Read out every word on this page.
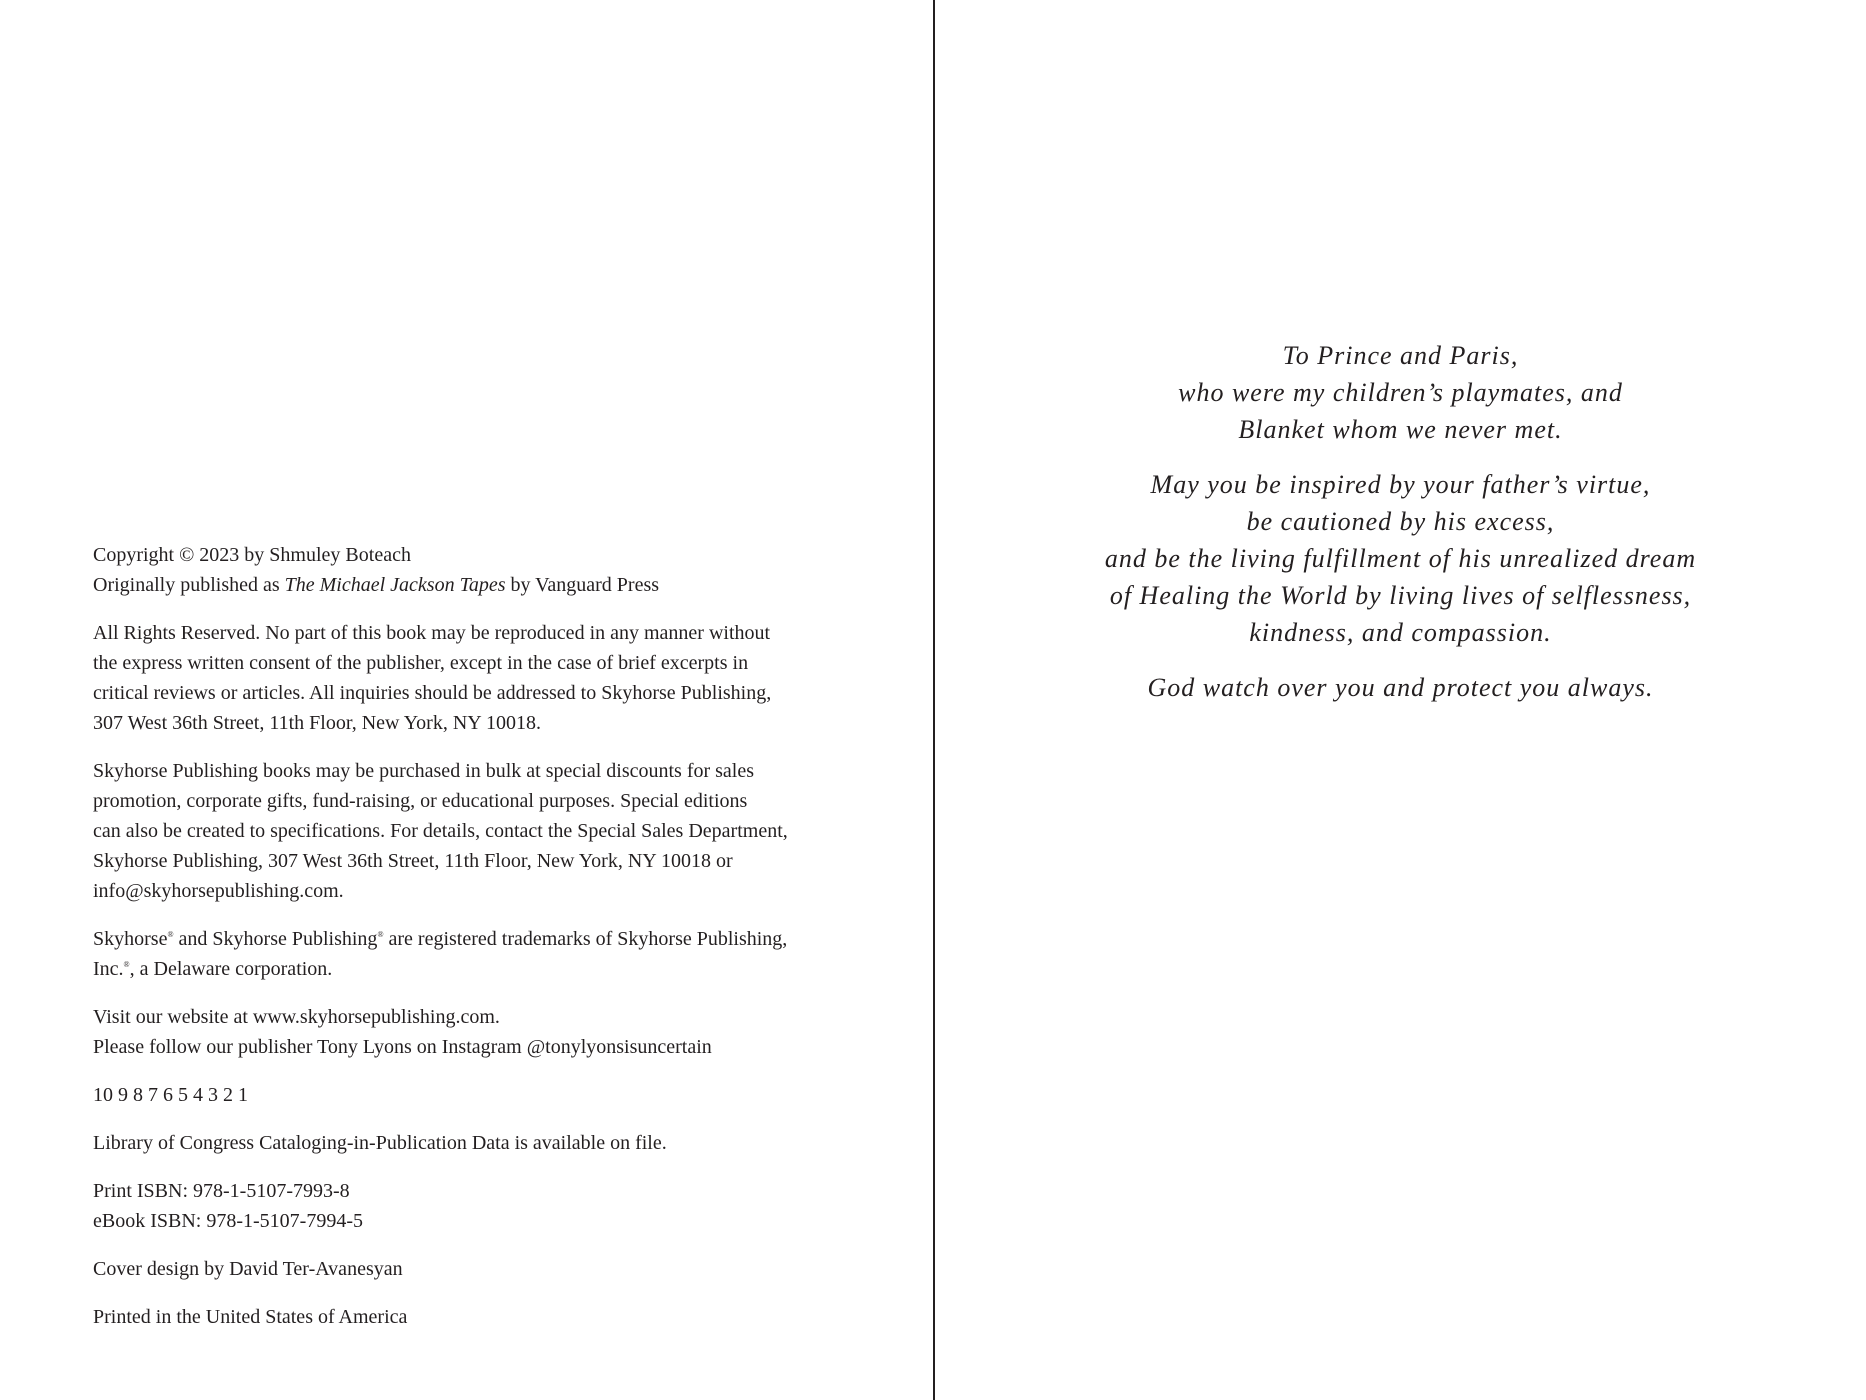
Copyright © 2023 by Shmuley Boteach
Originally published as The Michael Jackson Tapes by Vanguard Press

All Rights Reserved. No part of this book may be reproduced in any manner without
the express written consent of the publisher, except in the case of brief excerpts in
critical reviews or articles. All inquiries should be addressed to Skyhorse Publishing,
307 West 36th Street, 11th Floor, New York, NY 10018.

Skyhorse Publishing books may be purchased in bulk at special discounts for sales
promotion, corporate gifts, fund-raising, or educational purposes. Special editions
can also be created to specifications. For details, contact the Special Sales Department,
Skyhorse Publishing, 307 West 36th Street, 11th Floor, New York, NY 10018 or
info@skyhorsepublishing.com.

Skyhorse® and Skyhorse Publishing® are registered trademarks of Skyhorse Publishing,
Inc.®, a Delaware corporation.

Visit our website at www.skyhorsepublishing.com.
Please follow our publisher Tony Lyons on Instagram @tonylyonsisuncertain

10 9 8 7 6 5 4 3 2 1

Library of Congress Cataloging-in-Publication Data is available on file.

Print ISBN: 978-1-5107-7993-8
eBook ISBN: 978-1-5107-7994-5

Cover design by David Ter-Avanesyan

Printed in the United States of America

To Prince and Paris,
who were my children’s playmates, and
Blanket whom we never met.

May you be inspired by your father’s virtue,
be cautioned by his excess,
and be the living fulfillment of his unrealized dream
of Healing the World by living lives of selflessness,
kindness, and compassion.

God watch over you and protect you always.
